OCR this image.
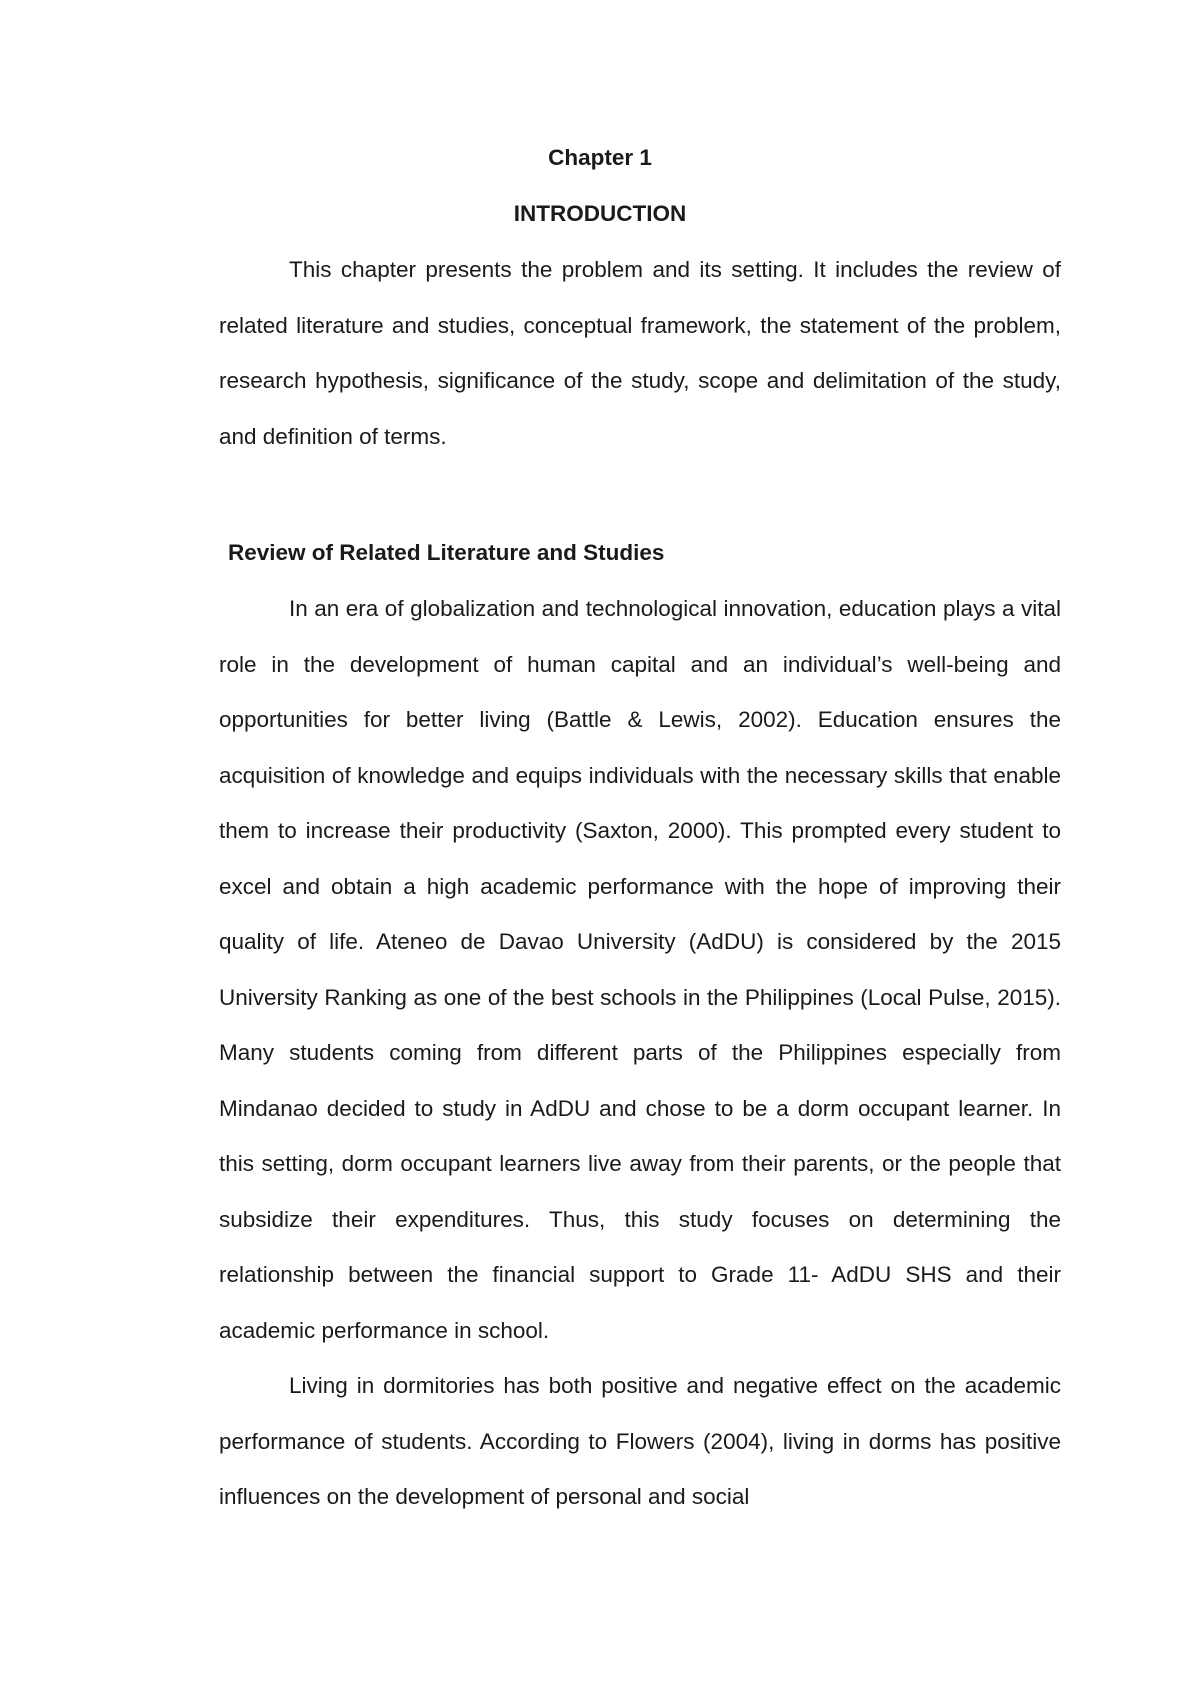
Chapter 1
INTRODUCTION

This chapter presents the problem and its setting. It includes the review of related literature and studies, conceptual framework, the statement of the problem, research hypothesis, significance of the study, scope and delimitation of the study, and definition of terms.

Review of Related Literature and Studies

In an era of globalization and technological innovation, education plays a vital role in the development of human capital and an individual’s well-being and opportunities for better living (Battle & Lewis, 2002). Education ensures the acquisition of knowledge and equips individuals with the necessary skills that enable them to increase their productivity (Saxton, 2000). This prompted every student to excel and obtain a high academic performance with the hope of improving their quality of life. Ateneo de Davao University (AdDU) is considered by the 2015 University Ranking as one of the best schools in the Philippines (Local Pulse, 2015). Many students coming from different parts of the Philippines especially from Mindanao decided to study in AdDU and chose to be a dorm occupant learner. In this setting, dorm occupant learners live away from their parents, or the people that subsidize their expenditures. Thus, this study focuses on determining the relationship between the financial support to Grade 11- AdDU SHS and their academic performance in school.

Living in dormitories has both positive and negative effect on the academic performance of students. According to Flowers (2004), living in dorms has positive influences on the development of personal and social
